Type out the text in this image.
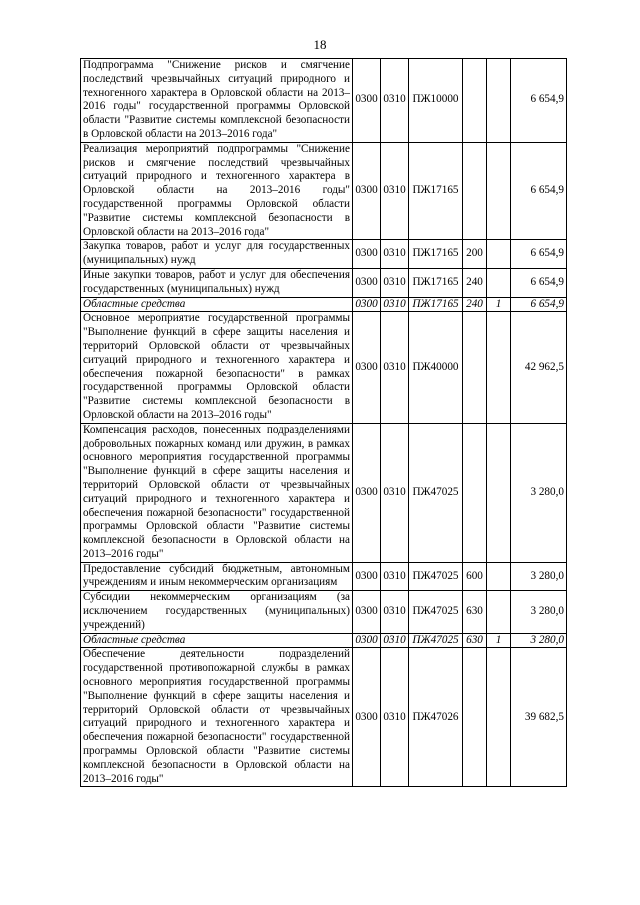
18
Подпрограмма "Снижение рисков и смягчение последствий чрезвычайных ситуаций природного и техногенного характера в Орловской области на 2013–2016 годы" государственной программы Орловской области "Развитие системы комплексной безопасности в Орловской области на 2013–2016 года"	0300	0310	ПЖ10000			6 654,9
Реализация мероприятий подпрограммы "Снижение рисков и смягчение последствий чрезвычайных ситуаций природного и техногенного характера в Орловской области на 2013–2016 годы" государственной программы Орловской области "Развитие системы комплексной безопасности в Орловской области на 2013–2016 года"	0300	0310	ПЖ17165			6 654,9
Закупка товаров, работ и услуг для государственных (муниципальных) нужд	0300	0310	ПЖ17165	200		6 654,9
Иные закупки товаров, работ и услуг для обеспечения государственных (муниципальных) нужд	0300	0310	ПЖ17165	240		6 654,9
Областные средства	0300	0310	ПЖ17165	240	1	6 654,9
Основное мероприятие государственной программы "Выполнение функций в сфере защиты населения и территорий Орловской области от чрезвычайных ситуаций природного и техногенного характера и обеспечения пожарной безопасности" в рамках государственной программы Орловской области "Развитие системы комплексной безопасности в Орловской области на 2013–2016 годы"	0300	0310	ПЖ40000			42 962,5
Компенсация расходов, понесенных подразделениями добровольных пожарных команд или дружин, в рамках основного мероприятия государственной программы "Выполнение функций в сфере защиты населения и территорий Орловской области от чрезвычайных ситуаций природного и техногенного характера и обеспечения пожарной безопасности" государственной программы Орловской области "Развитие системы комплексной безопасности в Орловской области на 2013–2016 годы"	0300	0310	ПЖ47025			3 280,0
Предоставление субсидий бюджетным, автономным учреждениям и иным некоммерческим организациям	0300	0310	ПЖ47025	600		3 280,0
Субсидии некоммерческим организациям (за исключением государственных (муниципальных) учреждений)	0300	0310	ПЖ47025	630		3 280,0
Областные средства	0300	0310	ПЖ47025	630	1	3 280,0
Обеспечение деятельности подразделений государственной противопожарной службы в рамках основного мероприятия государственной программы "Выполнение функций в сфере защиты населения и территорий Орловской области от чрезвычайных ситуаций природного и техногенного характера и обеспечения пожарной безопасности" государственной программы Орловской области "Развитие системы комплексной безопасности в Орловской области на 2013–2016 годы"	0300	0310	ПЖ47026			39 682,5
